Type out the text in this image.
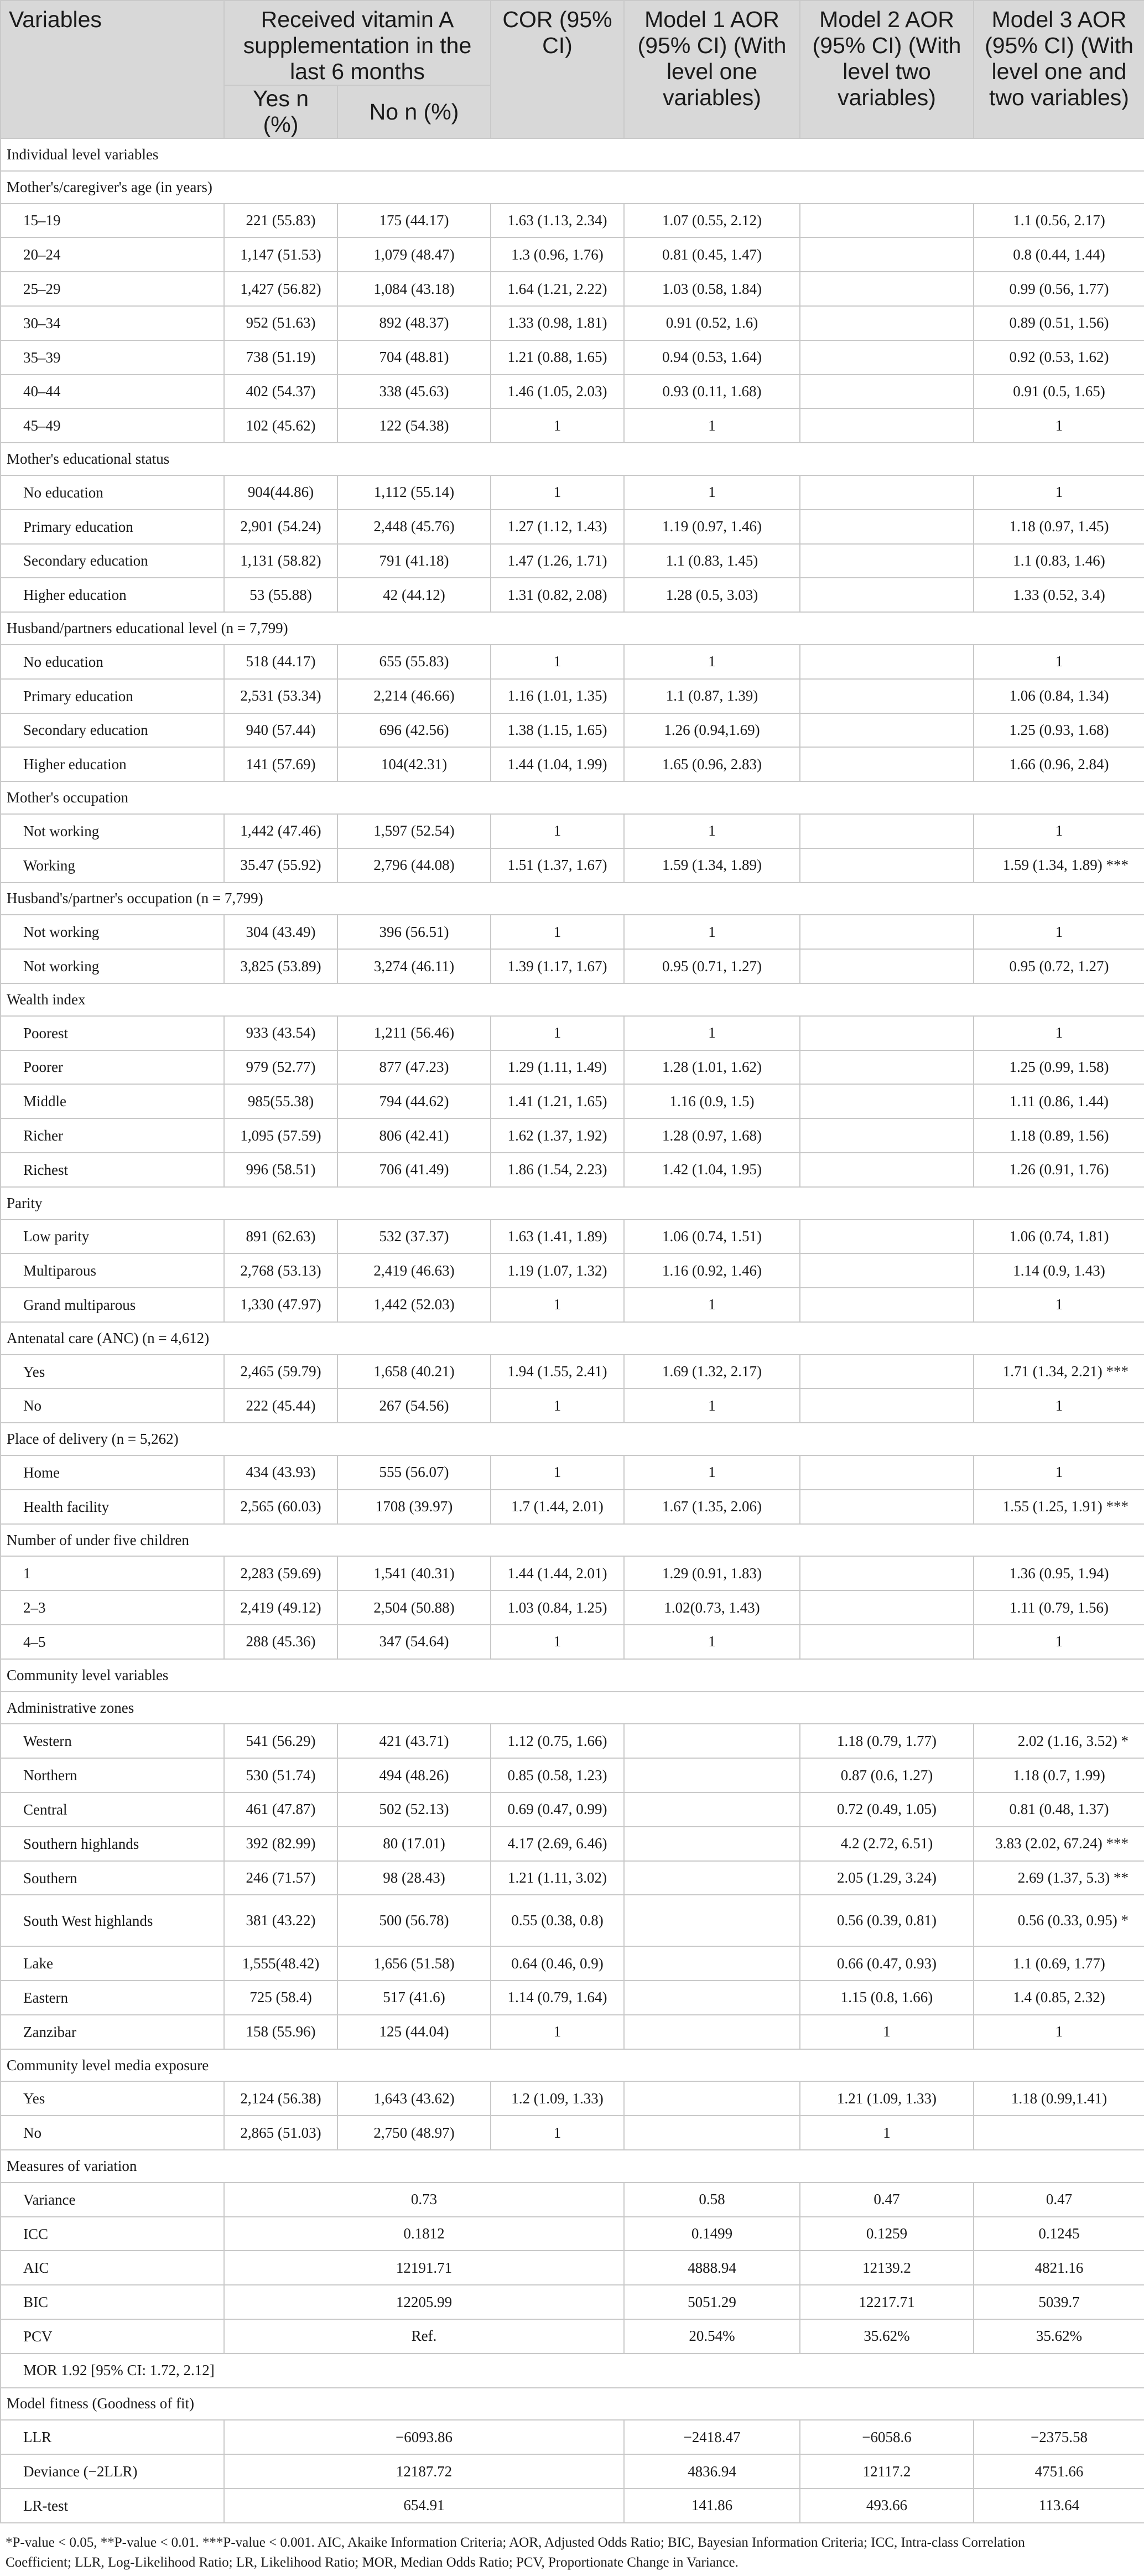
Variables	Received vitamin A supplementation in the last 6 months		COR (95% CI)	Model 1 AOR (95% CI) (With level one variables)	Model 2 AOR (95% CI) (With level two variables)	Model 3 AOR (95% CI) (With level one and two variables)
	Yes n (%)	No n (%)				
Individual level variables						
Mother's/caregiver's age (in years)						
15–19	221 (55.83)	175 (44.17)	1.63 (1.13, 2.34)	1.07 (0.55, 2.12)		1.1 (0.56, 2.17)
20–24	1,147 (51.53)	1,079 (48.47)	1.3 (0.96, 1.76)	0.81 (0.45, 1.47)		0.8 (0.44, 1.44)
25–29	1,427 (56.82)	1,084 (43.18)	1.64 (1.21, 2.22)	1.03 (0.58, 1.84)		0.99 (0.56, 1.77)
30–34	952 (51.63)	892 (48.37)	1.33 (0.98, 1.81)	0.91 (0.52, 1.6)		0.89 (0.51, 1.56)
35–39	738 (51.19)	704 (48.81)	1.21 (0.88, 1.65)	0.94 (0.53, 1.64)		0.92 (0.53, 1.62)
40–44	402 (54.37)	338 (45.63)	1.46 (1.05, 2.03)	0.93 (0.11, 1.68)		0.91 (0.5, 1.65)
45–49	102 (45.62)	122 (54.38)	1	1		1
Mother's educational status						
No education	904(44.86)	1,112 (55.14)	1	1		1
Primary education	2,901 (54.24)	2,448 (45.76)	1.27 (1.12, 1.43)	1.19 (0.97, 1.46)		1.18 (0.97, 1.45)
Secondary education	1,131 (58.82)	791 (41.18)	1.47 (1.26, 1.71)	1.1 (0.83, 1.45)		1.1 (0.83, 1.46)
Higher education	53 (55.88)	42 (44.12)	1.31 (0.82, 2.08)	1.28 (0.5, 3.03)		1.33 (0.52, 3.4)
Husband/partners educational level (n = 7,799)						
No education	518 (44.17)	655 (55.83)	1	1		1
Primary education	2,531 (53.34)	2,214 (46.66)	1.16 (1.01, 1.35)	1.1 (0.87, 1.39)		1.06 (0.84, 1.34)
Secondary education	940 (57.44)	696 (42.56)	1.38 (1.15, 1.65)	1.26 (0.94,1.69)		1.25 (0.93, 1.68)
Higher education	141 (57.69)	104(42.31)	1.44 (1.04, 1.99)	1.65 (0.96, 2.83)		1.66 (0.96, 2.84)
Mother's occupation						
Not working	1,442 (47.46)	1,597 (52.54)	1	1		1
Working	35.47 (55.92)	2,796 (44.08)	1.51 (1.37, 1.67)	1.59 (1.34, 1.89)		1.59 (1.34, 1.89) ***
Husband's/partner's occupation (n = 7,799)						
Not working	304 (43.49)	396 (56.51)	1	1		1
Not working	3,825 (53.89)	3,274 (46.11)	1.39 (1.17, 1.67)	0.95 (0.71, 1.27)		0.95 (0.72, 1.27)
Wealth index						
Poorest	933 (43.54)	1,211 (56.46)	1	1		1
Poorer	979 (52.77)	877 (47.23)	1.29 (1.11, 1.49)	1.28 (1.01, 1.62)		1.25 (0.99, 1.58)
Middle	985(55.38)	794 (44.62)	1.41 (1.21, 1.65)	1.16 (0.9, 1.5)		1.11 (0.86, 1.44)
Richer	1,095 (57.59)	806 (42.41)	1.62 (1.37, 1.92)	1.28 (0.97, 1.68)		1.18 (0.89, 1.56)
Richest	996 (58.51)	706 (41.49)	1.86 (1.54, 2.23)	1.42 (1.04, 1.95)		1.26 (0.91, 1.76)
Parity						
Low parity	891 (62.63)	532 (37.37)	1.63 (1.41, 1.89)	1.06 (0.74, 1.51)		1.06 (0.74, 1.81)
Multiparous	2,768 (53.13)	2,419 (46.63)	1.19 (1.07, 1.32)	1.16 (0.92, 1.46)		1.14 (0.9, 1.43)
Grand multiparous	1,330 (47.97)	1,442 (52.03)	1	1		1
Antenatal care (ANC) (n = 4,612)						
Yes	2,465 (59.79)	1,658 (40.21)	1.94 (1.55, 2.41)	1.69 (1.32, 2.17)		1.71 (1.34, 2.21) ***
No	222 (45.44)	267 (54.56)	1	1		1
Place of delivery (n = 5,262)						
Home	434 (43.93)	555 (56.07)	1	1		1
Health facility	2,565 (60.03)	1708 (39.97)	1.7 (1.44, 2.01)	1.67 (1.35, 2.06)		1.55 (1.25, 1.91) ***
Number of under five children						
1	2,283 (59.69)	1,541 (40.31)	1.44 (1.44, 2.01)	1.29 (0.91, 1.83)		1.36 (0.95, 1.94)
2–3	2,419 (49.12)	2,504 (50.88)	1.03 (0.84, 1.25)	1.02(0.73, 1.43)		1.11 (0.79, 1.56)
4–5	288 (45.36)	347 (54.64)	1	1		1
Community level variables						
Administrative zones						
Western	541 (56.29)	421 (43.71)	1.12 (0.75, 1.66)		1.18 (0.79, 1.77)	2.02 (1.16, 3.52) *
Northern	530 (51.74)	494 (48.26)	0.85 (0.58, 1.23)		0.87 (0.6, 1.27)	1.18 (0.7, 1.99)
Central	461 (47.87)	502 (52.13)	0.69 (0.47, 0.99)		0.72 (0.49, 1.05)	0.81 (0.48, 1.37)
Southern highlands	392 (82.99)	80 (17.01)	4.17 (2.69, 6.46)		4.2 (2.72, 6.51)	3.83 (2.02, 67.24) ***
Southern	246 (71.57)	98 (28.43)	1.21 (1.11, 3.02)		2.05 (1.29, 3.24)	2.69 (1.37, 5.3) **
South West highlands	381 (43.22)	500 (56.78)	0.55 (0.38, 0.8)		0.56 (0.39, 0.81)	0.56 (0.33, 0.95) *
Lake	1,555(48.42)	1,656 (51.58)	0.64 (0.46, 0.9)		0.66 (0.47, 0.93)	1.1 (0.69, 1.77)
Eastern	725 (58.4)	517 (41.6)	1.14 (0.79, 1.64)		1.15 (0.8, 1.66)	1.4 (0.85, 2.32)
Zanzibar	158 (55.96)	125 (44.04)	1		1	1
Community level media exposure						
Yes	2,124 (56.38)	1,643 (43.62)	1.2 (1.09, 1.33)		1.21 (1.09, 1.33)	1.18 (0.99,1.41)
No	2,865 (51.03)	2,750 (48.97)	1		1	
Measures of variation						
Variance	0.73			0.58	0.47	0.47
ICC	0.1812			0.1499	0.1259	0.1245
AIC	12191.71			4888.94	12139.2	4821.16
BIC	12205.99			5051.29	12217.71	5039.7
PCV	Ref.			20.54%	35.62%	35.62%
MOR 1.92 [95% CI: 1.72, 2.12]						
Model fitness (Goodness of fit)						
LLR	−6093.86			−2418.47	−6058.6	−2375.58
Deviance (−2LLR)	12187.72			4836.94	12117.2	4751.66
LR-test	654.91			141.86	493.66	113.64
*P-value < 0.05, **P-value < 0.01. ***P-value < 0.001. AIC, Akaike Information Criteria; AOR, Adjusted Odds Ratio; BIC, Bayesian Information Criteria; ICC, Intra-class Correlation
Coefficient; LLR, Log-Likelihood Ratio; LR, Likelihood Ratio; MOR, Median Odds Ratio; PCV, Proportionate Change in Variance.
